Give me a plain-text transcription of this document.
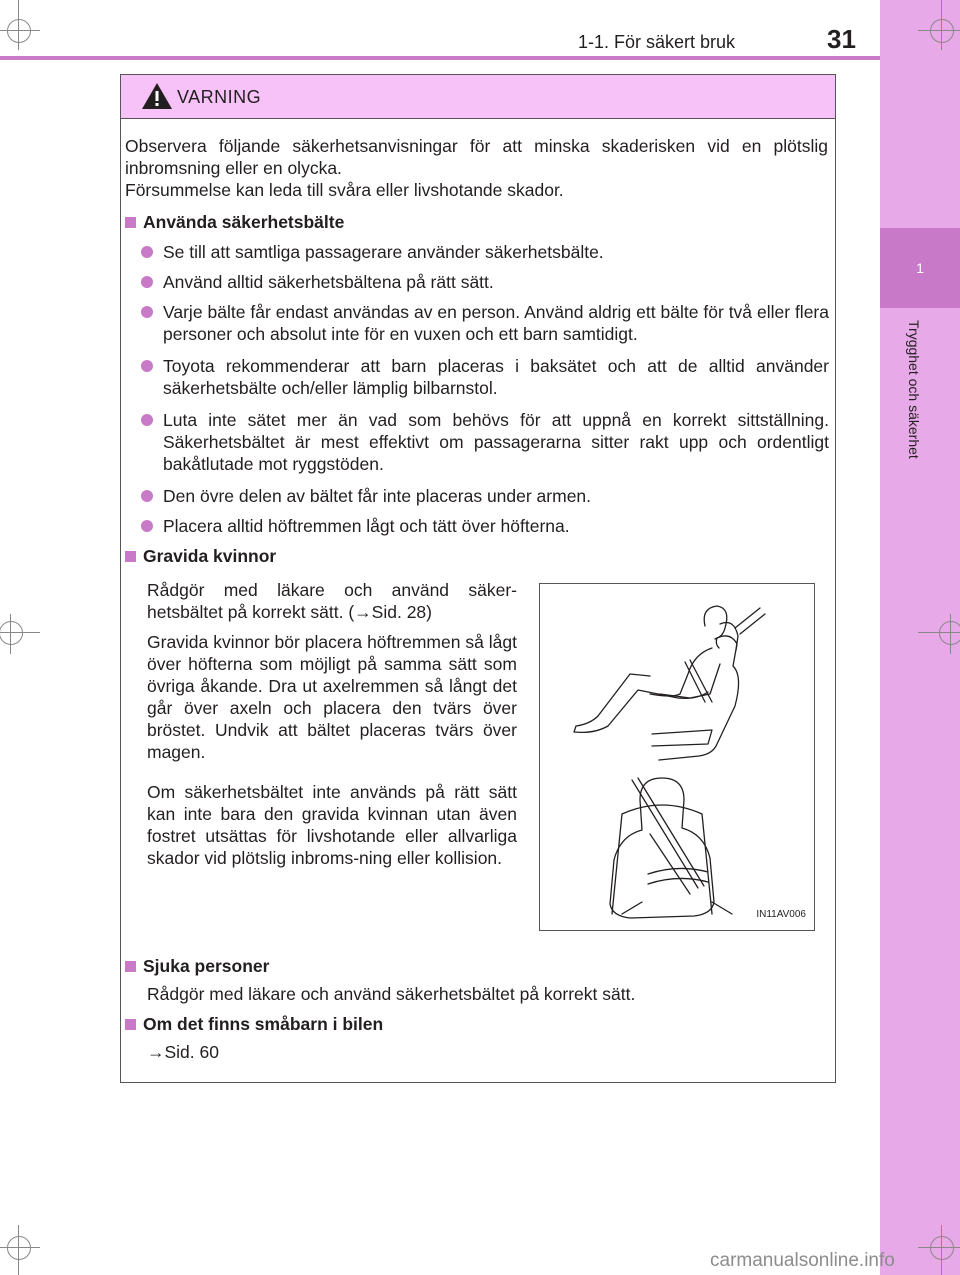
1
Trygghet och säkerhet
1-1. För säkert bruk	31
VARNING
Observera följande säkerhetsanvisningar för att minska skaderisken vid en plötslig inbromsning eller en olycka.
Försummelse kan leda till svåra eller livshotande skador.
Använda säkerhetsbälte
Se till att samtliga passagerare använder säkerhetsbälte.
Använd alltid säkerhetsbältena på rätt sätt.
Varje bälte får endast användas av en person. Använd aldrig ett bälte för två eller flera personer och absolut inte för en vuxen och ett barn samtidigt.
Toyota rekommenderar att barn placeras i baksätet och att de alltid använder säkerhetsbälte och/eller lämplig bilbarnstol.
Luta inte sätet mer än vad som behövs för att uppnå en korrekt sittställning. Säkerhetsbältet är mest effektivt om passagerarna sitter rakt upp och ordentligt bakåtlutade mot ryggstöden.
Den övre delen av bältet får inte placeras under armen.
Placera alltid höftremmen lågt och tätt över höfterna.
Gravida kvinnor
Rådgör med läkare och använd säker-hetsbältet på korrekt sätt. (→Sid. 28)
Gravida kvinnor bör placera höftremmen så lågt över höfterna som möjligt på samma sätt som övriga åkande. Dra ut axelremmen så långt det går över axeln och placera den tvärs över bröstet. Undvik att bältet placeras tvärs över magen.
Om säkerhetsbältet inte används på rätt sätt kan inte bara den gravida kvinnan utan även fostret utsättas för livshotande eller allvarliga skador vid plötslig inbroms-ning eller kollision.
IN11AV006
Sjuka personer
Rådgör med läkare och använd säkerhetsbältet på korrekt sätt.
Om det finns småbarn i bilen
→Sid. 60
carmanualsonline.info
